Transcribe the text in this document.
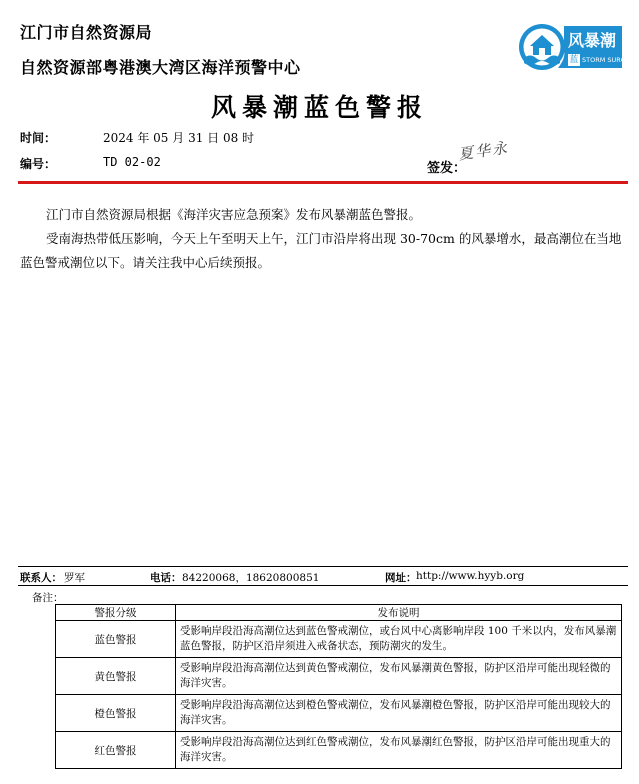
江门市自然资源局
自然资源部粤港澳大湾区海洋预警中心
风暴潮
蓝 STORM SURGE
风暴潮蓝色警报
时间：	2024 年 05 月 31 日 08 时
编号：	TD 02-02	签发：
夏华永
江门市自然资源局根据《海洋灾害应急预案》发布风暴潮蓝色警报。
受南海热带低压影响，今天上午至明天上午，江门市沿岸将出现 30-70cm 的风暴增水，最高潮位在当地蓝色警戒潮位以下。请关注我中心后续预报。
联系人： 罗军	电话： 84220068，18620800851	网址： http://www.hyyb.org
备注：
警报分级	发布说明
蓝色警报	受影响岸段沿海高潮位达到蓝色警戒潮位，或台风中心离影响岸段 100 千米以内，发布风暴潮蓝色警报，防护区沿岸须进入戒备状态，预防潮灾的发生。
黄色警报	受影响岸段沿海高潮位达到黄色警戒潮位，发布风暴潮黄色警报，防护区沿岸可能出现轻微的海洋灾害。
橙色警报	受影响岸段沿海高潮位达到橙色警戒潮位，发布风暴潮橙色警报，防护区沿岸可能出现较大的海洋灾害。
红色警报	受影响岸段沿海高潮位达到红色警戒潮位，发布风暴潮红色警报，防护区沿岸可能出现重大的海洋灾害。
